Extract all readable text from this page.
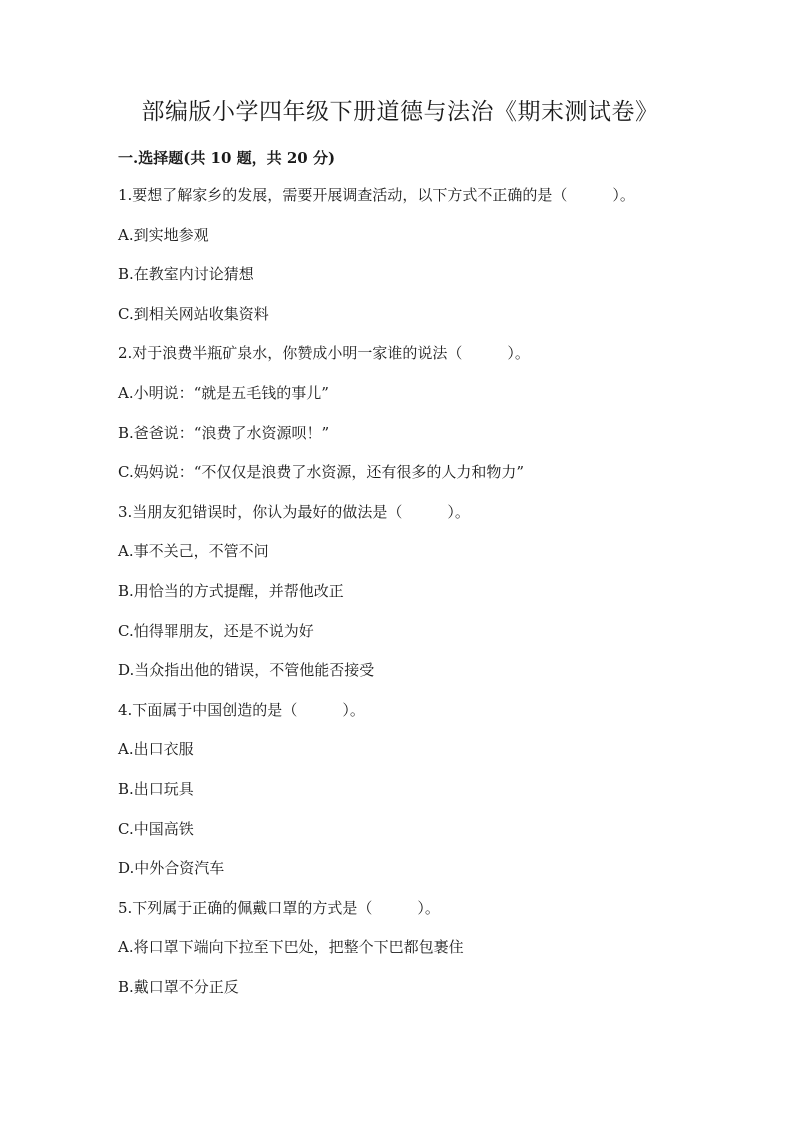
部编版小学四年级下册道德与法治《期末测试卷》
一.选择题(共 10 题，共 20 分)
1.要想了解家乡的发展，需要开展调查活动，以下方式不正确的是（　　　）。
A.到实地参观
B.在教室内讨论猜想
C.到相关网站收集资料
2.对于浪费半瓶矿泉水，你赞成小明一家谁的说法（　　　）。
A.小明说：“就是五毛钱的事儿”
B.爸爸说：“浪费了水资源呗！”
C.妈妈说：“不仅仅是浪费了水资源，还有很多的人力和物力”
3.当朋友犯错误时，你认为最好的做法是（　　　）。
A.事不关己，不管不问
B.用恰当的方式提醒，并帮他改正
C.怕得罪朋友，还是不说为好
D.当众指出他的错误，不管他能否接受
4.下面属于中国创造的是（　　　）。
A.出口衣服
B.出口玩具
C.中国高铁
D.中外合资汽车
5.下列属于正确的佩戴口罩的方式是（　　　）。
A.将口罩下端向下拉至下巴处，把整个下巴都包裹住
B.戴口罩不分正反
